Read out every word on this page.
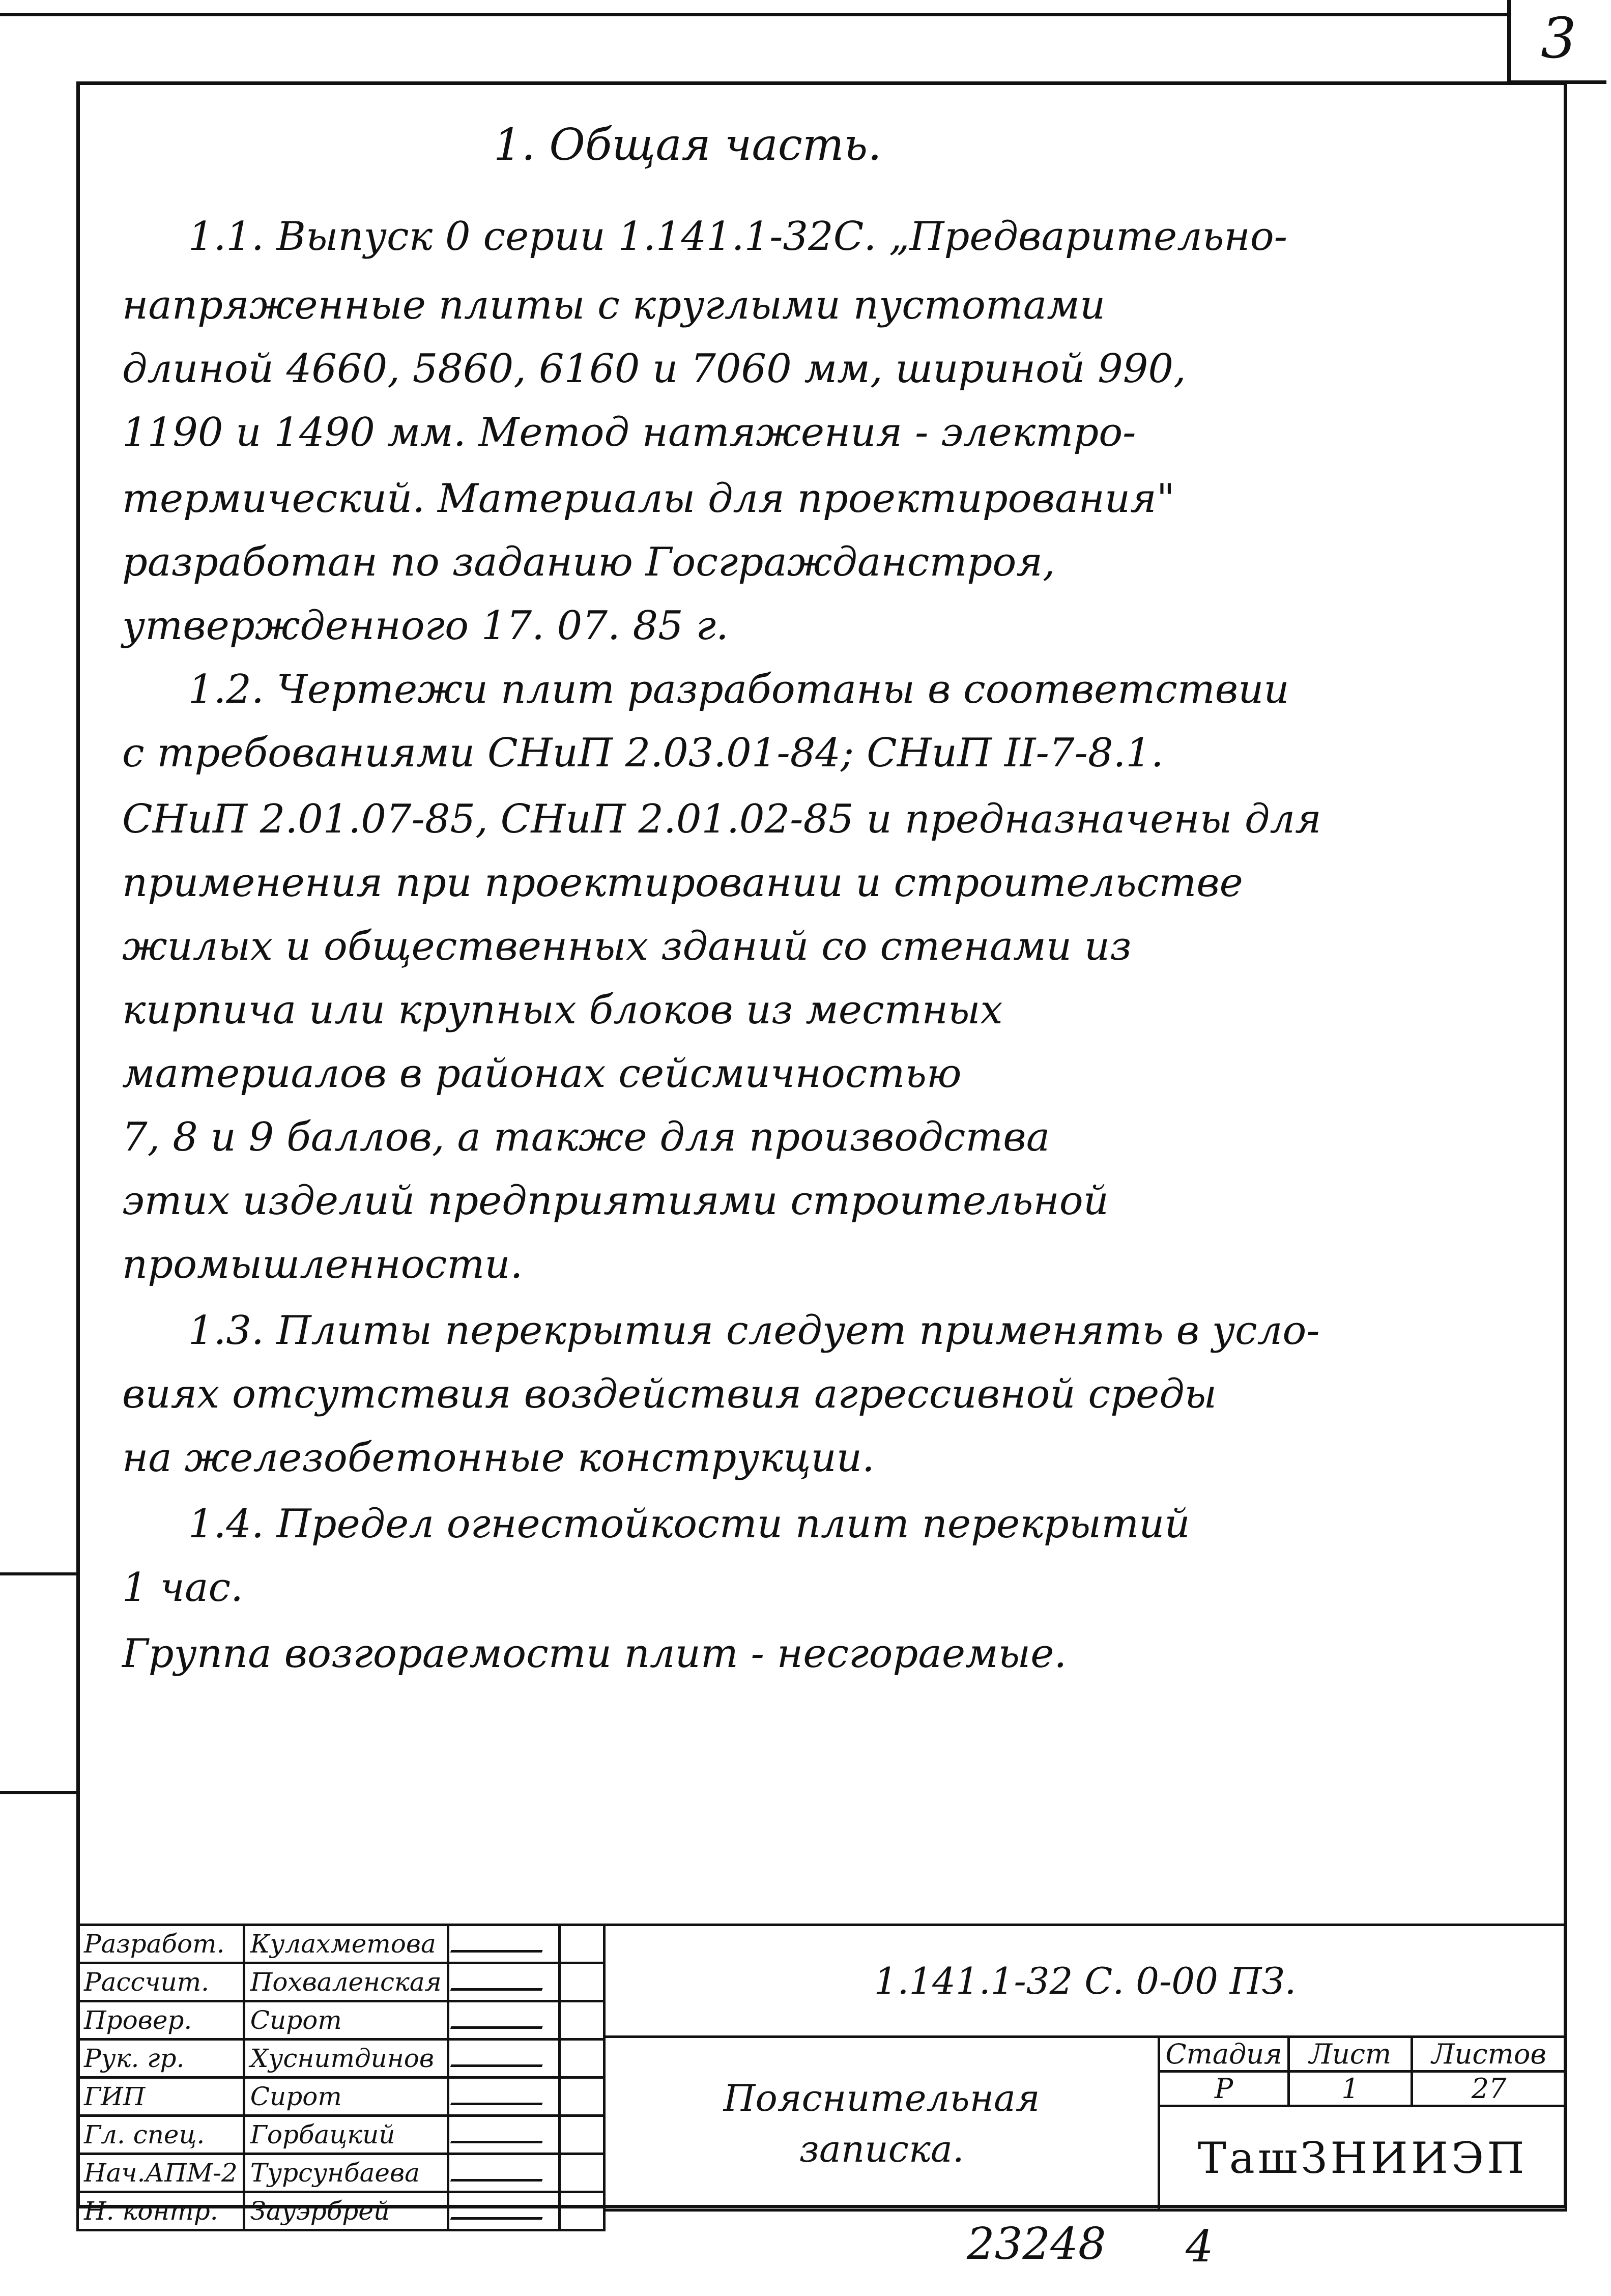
3
1. Общая часть.
1.1. Выпуск 0 серии 1.141.1-32С. „Предварительно-
напряженные плиты с круглыми пустотами
длиной 4660, 5860, 6160 и 7060 мм, шириной 990,
1190 и 1490 мм. Метод натяжения - электро-
термический. Материалы для проектирования"
разработан по заданию Госгражданстроя,
утвержденного 17. 07. 85 г.
1.2. Чертежи плит разработаны в соответствии
с требованиями СНиП 2.03.01-84; СНиП II-7-8.1.
СНиП 2.01.07-85, СНиП 2.01.02-85 и предназначены для
применения при проектировании и строительстве
жилых и общественных зданий со стенами из
кирпича или крупных блоков из местных
материалов в районах сейсмичностью
7, 8 и 9 баллов, а также для производства
этих изделий предприятиями строительной
промышленности.
1.3. Плиты перекрытия следует применять в усло-
виях отсутствия воздействия агрессивной среды
на железобетонные конструкции.
1.4. Предел огнестойкости плит перекрытий
1 час.
Группа возгораемости плит - несгораемые.
Разработ.	Кулахметова		
Рассчит.	Похваленская		
Провер.	Сирот		
Рук. гр.	Хуснитдинов		
ГИП	Сирот		
Гл. спец.	Горбацкий		
Нач.АПМ-2	Турсунбаева		
Н. контр.	Зауэрбрей		
1.141.1-32 С. 0-00 ПЗ.			

Пояснительная
записка.	Стадия	Лист	Листов
	Р	1	27
	ТашЗНИИЭП		
23248 4
